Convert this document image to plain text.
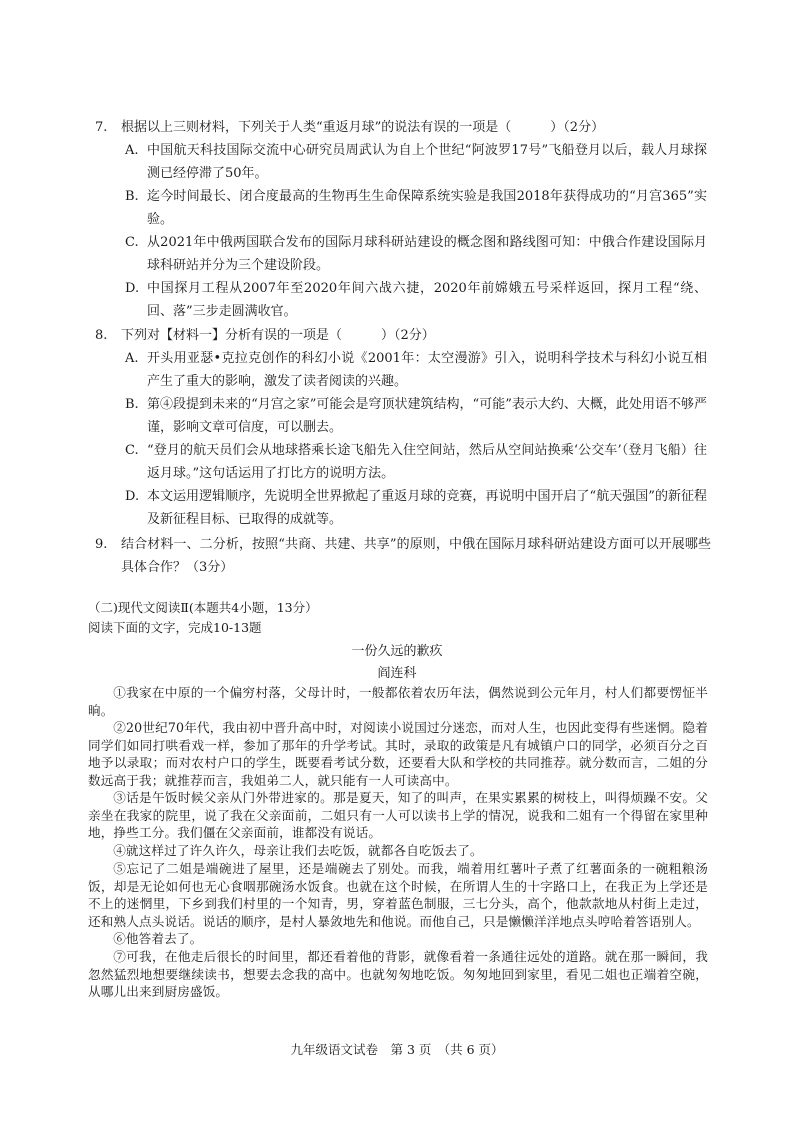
7. 根据以上三则材料，下列关于人类“重返月球”的说法有误的一项是（　　　）（2分）
A. 中国航天科技国际交流中心研究员周武认为自上个世纪“阿波罗17号”飞船登月以后，载人月球探测已经停滞了50年。
B. 迄今时间最长、闭合度最高的生物再生生命保障系统实验是我国2018年获得成功的“月宫365”实验。
C. 从2021年中俄两国联合发布的国际月球科研站建设的概念图和路线图可知：中俄合作建设国际月球科研站并分为三个建设阶段。
D. 中国探月工程从2007年至2020年间六战六捷，2020年前嫦娥五号采样返回，探月工程“绕、回、落”三步走圆满收官。
8. 下列对【材料一】分析有误的一项是（　　　）（2分）
A. 开头用亚瑟•克拉克创作的科幻小说《2001年：太空漫游》引入，说明科学技术与科幻小说互相产生了重大的影响，激发了读者阅读的兴趣。
B. 第④段提到未来的“月宫之家”可能会是穹顶状建筑结构，“可能”表示大约、大概，此处用语不够严谨，影响文章可信度，可以删去。
C. “登月的航天员们会从地球搭乘长途飞船先入住空间站，然后从空间站换乘‘公交车’（登月飞船）往返月球。”这句话运用了打比方的说明方法。
D. 本文运用逻辑顺序，先说明全世界掀起了重返月球的竞赛，再说明中国开启了“航天强国”的新征程及新征程目标、已取得的成就等。
9. 结合材料一、二分析，按照“共商、共建、共享”的原则，中俄在国际月球科研站建设方面可以开展哪些具体合作？（3分）
（二)现代文阅读Ⅱ(本题共4小题，13分）
阅读下面的文字，完成10-13题
一份久远的歉疚
阎连科
①我家在中原的一个偏穷村落，父母计时，一般都依着农历年法，偶然说到公元年月，村人们都要愣怔半晌。
②20世纪70年代，我由初中晋升高中时，对阅读小说国过分迷恋，而对人生，也因此变得有些迷惘。隐着同学们如同打哄看戏一样，参加了那年的升学考试。其时，录取的政策是凡有城镇户口的同学，必须百分之百地予以录取；而对农村户口的学生，既要看考试分数，还要看大队和学校的共同推荐。就分数而言，二姐的分数远高于我；就推荐而言，我姐弟二人，就只能有一人可读高中。
③话是午饭时候父亲从门外带进家的。那是夏天，知了的叫声，在果实累累的树枝上，叫得烦躁不安。父亲坐在我家的院里，说了我在父亲面前，二姐只有一人可以读书上学的情况，说我和二姐有一个得留在家里种地，挣些工分。我们僵在父亲面前，谁都没有说话。
④就这样过了许久许久，母亲让我们去吃饭，就都各自吃饭去了。
⑤忘记了二姐是端碗进了屋里，还是端碗去了别处。而我，端着用红薯叶子煮了红薯面条的一碗粗粮汤饭，却是无论如何也无心食咽那碗汤水饭食。也就在这个时候，在所谓人生的十字路口上，在我正为上学还是不上的迷惘里，下乡到我们村里的一个知青，男，穿着蓝色制服，三七分头，高个，他款款地从村街上走过，还和熟人点头说话。说话的顺序，是村人暴敛地先和他说。而他自己，只是懒懒洋洋地点头哼哈着答语别人。
九年级语文试卷　第 3 页　（共 6 页）
⑥他答着去了。
⑦可我，在他走后很长的时间里，都还看着他的背影，就像看着一条通往远处的道路。就在那一瞬间，我忽然猛烈地想要继续读书，想要去念我的高中。也就匆匆地吃饭。匆匆地回到家里，看见二姐也正端着空碗，从哪儿出来到厨房盛饭。
